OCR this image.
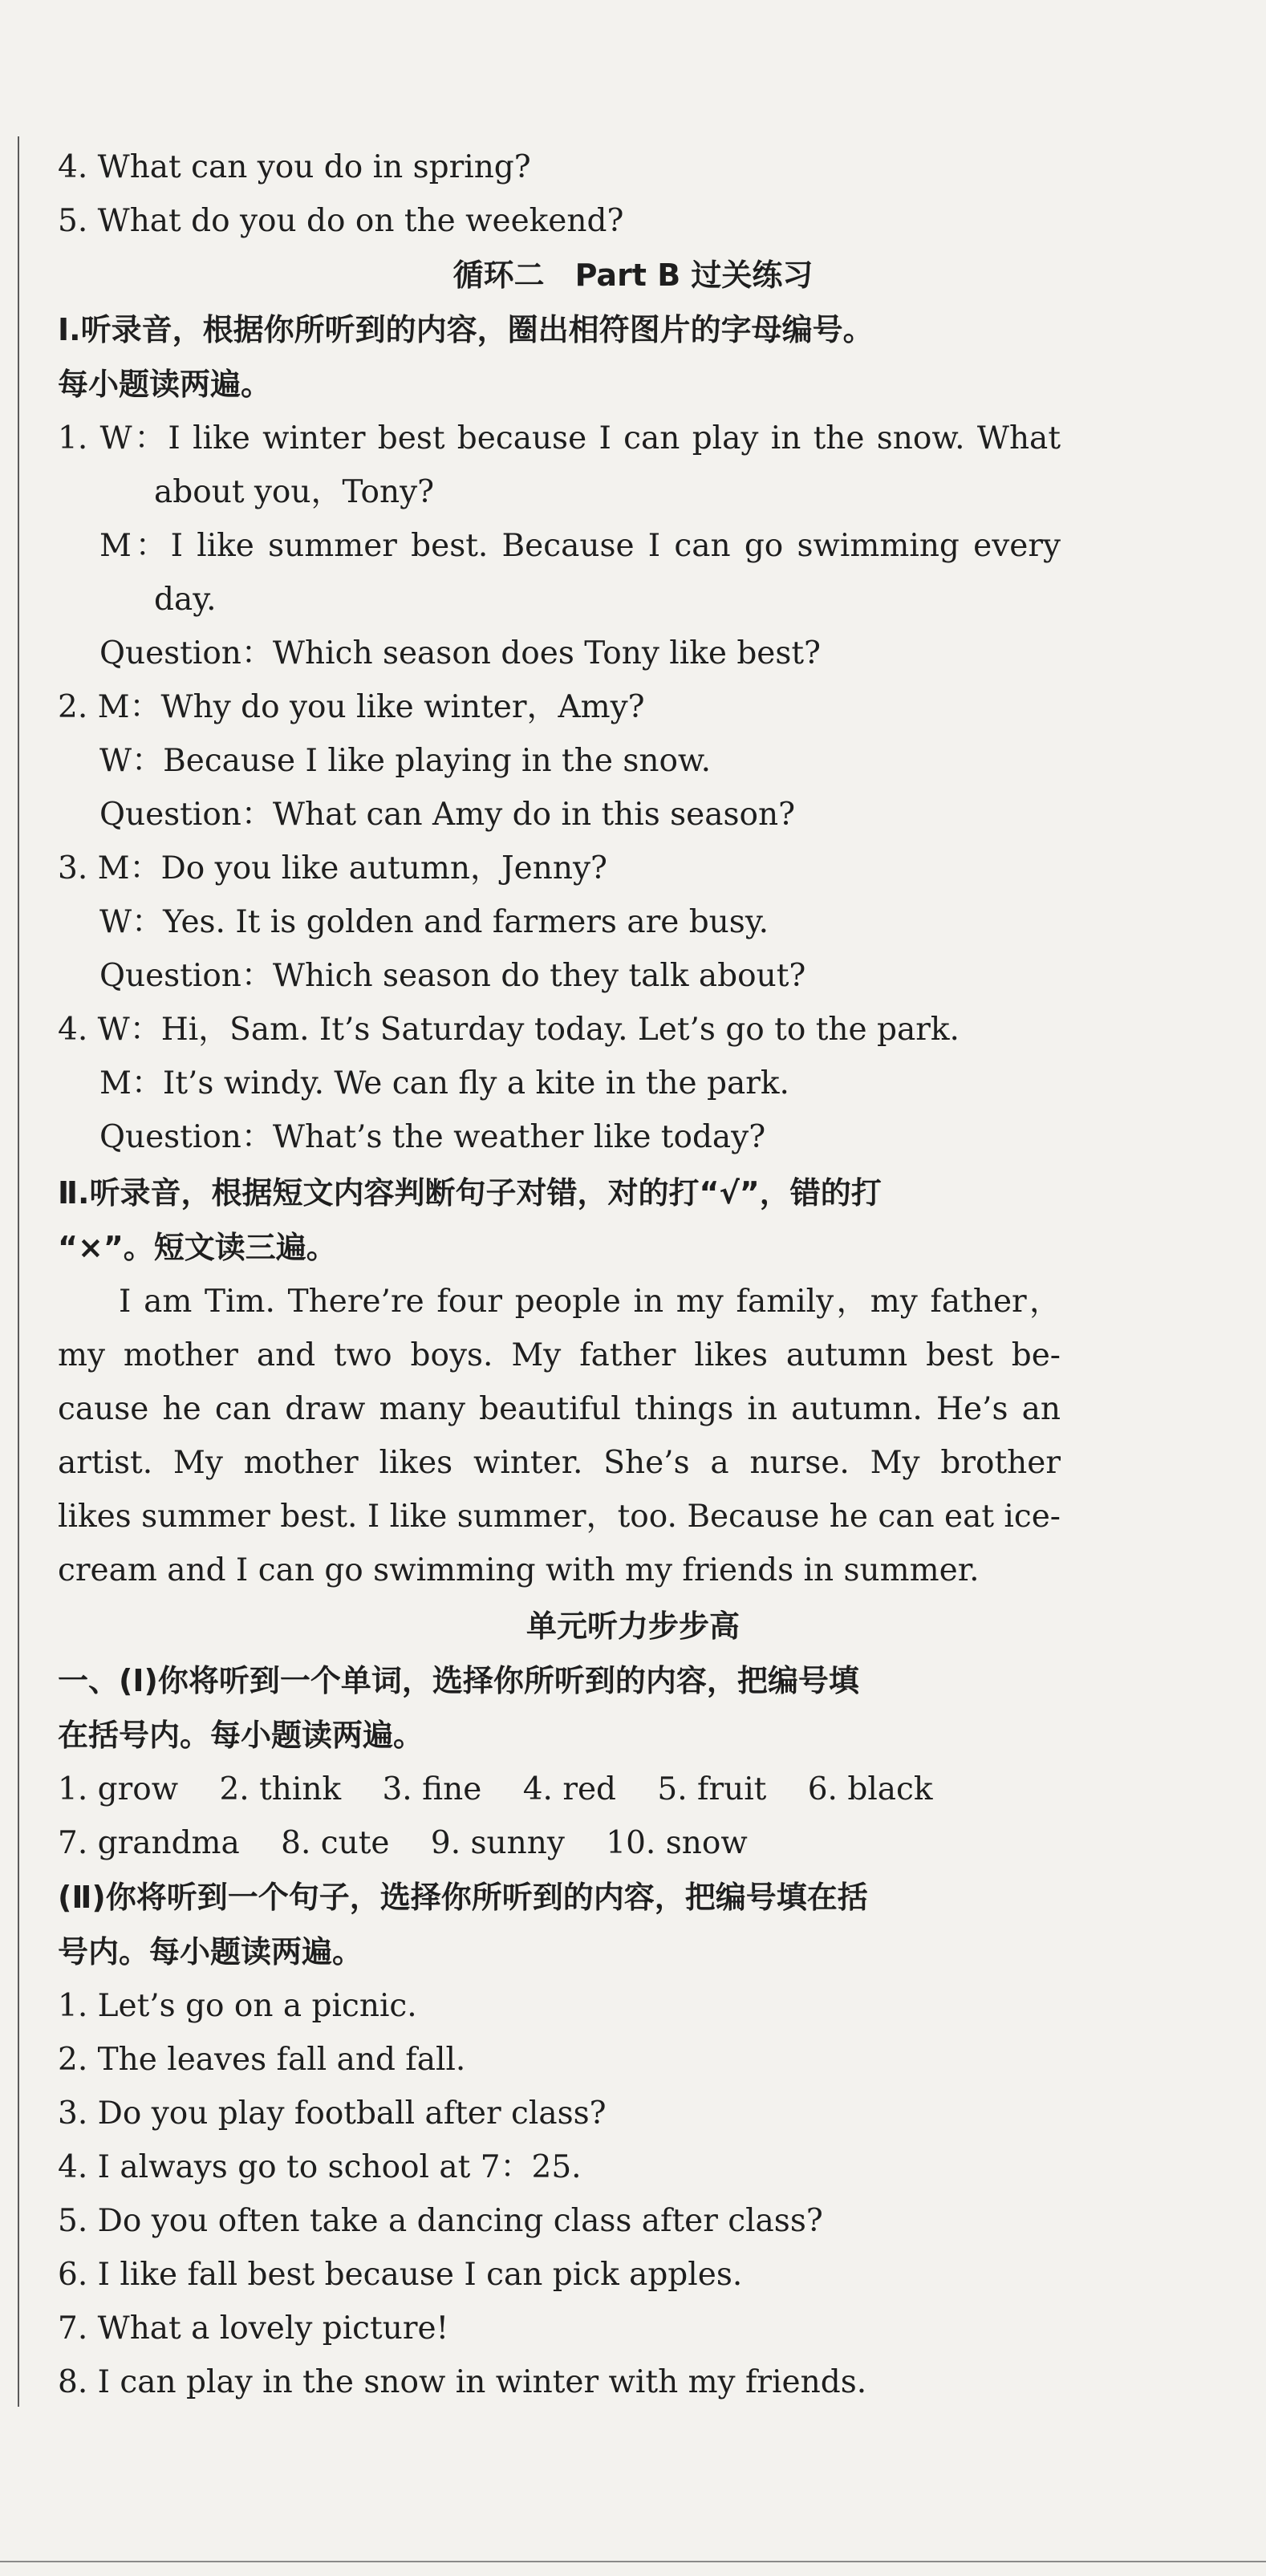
4. What can you do in spring?
5. What do you do on the weekend?
循环二　Part B 过关练习
Ⅰ.听录音，根据你所听到的内容，圈出相符图片的字母编号。
每小题读两遍。
1. W：I like winter best because I can play in the snow. What
about you，Tony?
M：I like summer best. Because I can go swimming every
day.
Question：Which season does Tony like best?
2. M：Why do you like winter，Amy?
W：Because I like playing in the snow.
Question：What can Amy do in this season?
3. M：Do you like autumn，Jenny?
W：Yes. It is golden and farmers are busy.
Question：Which season do they talk about?
4. W：Hi，Sam. It’s Saturday today. Let’s go to the park.
M：It’s windy. We can fly a kite in the park.
Question：What’s the weather like today?
Ⅱ.听录音，根据短文内容判断句子对错，对的打“√”，错的打
“×”。短文读三遍。
I am Tim. There’re four people in my family，my father，
my mother and two boys. My father likes autumn best be-
cause he can draw many beautiful things in autumn. He’s an
artist. My mother likes winter. She’s a nurse. My brother
likes summer best. I like summer，too. Because he can eat ice-
cream and I can go swimming with my friends in summer.
单元听力步步高
一、(Ⅰ)你将听到一个单词，选择你所听到的内容，把编号填
在括号内。每小题读两遍。
1. grow　 2. think　 3. fine　 4. red　 5. fruit　 6. black
7. grandma　 8. cute　 9. sunny　 10. snow
(Ⅱ)你将听到一个句子，选择你所听到的内容，把编号填在括
号内。每小题读两遍。
1. Let’s go on a picnic.
2. The leaves fall and fall.
3. Do you play football after class?
4. I always go to school at 7：25.
5. Do you often take a dancing class after class?
6. I like fall best because I can pick apples.
7. What a lovely picture!
8. I can play in the snow in winter with my friends.
